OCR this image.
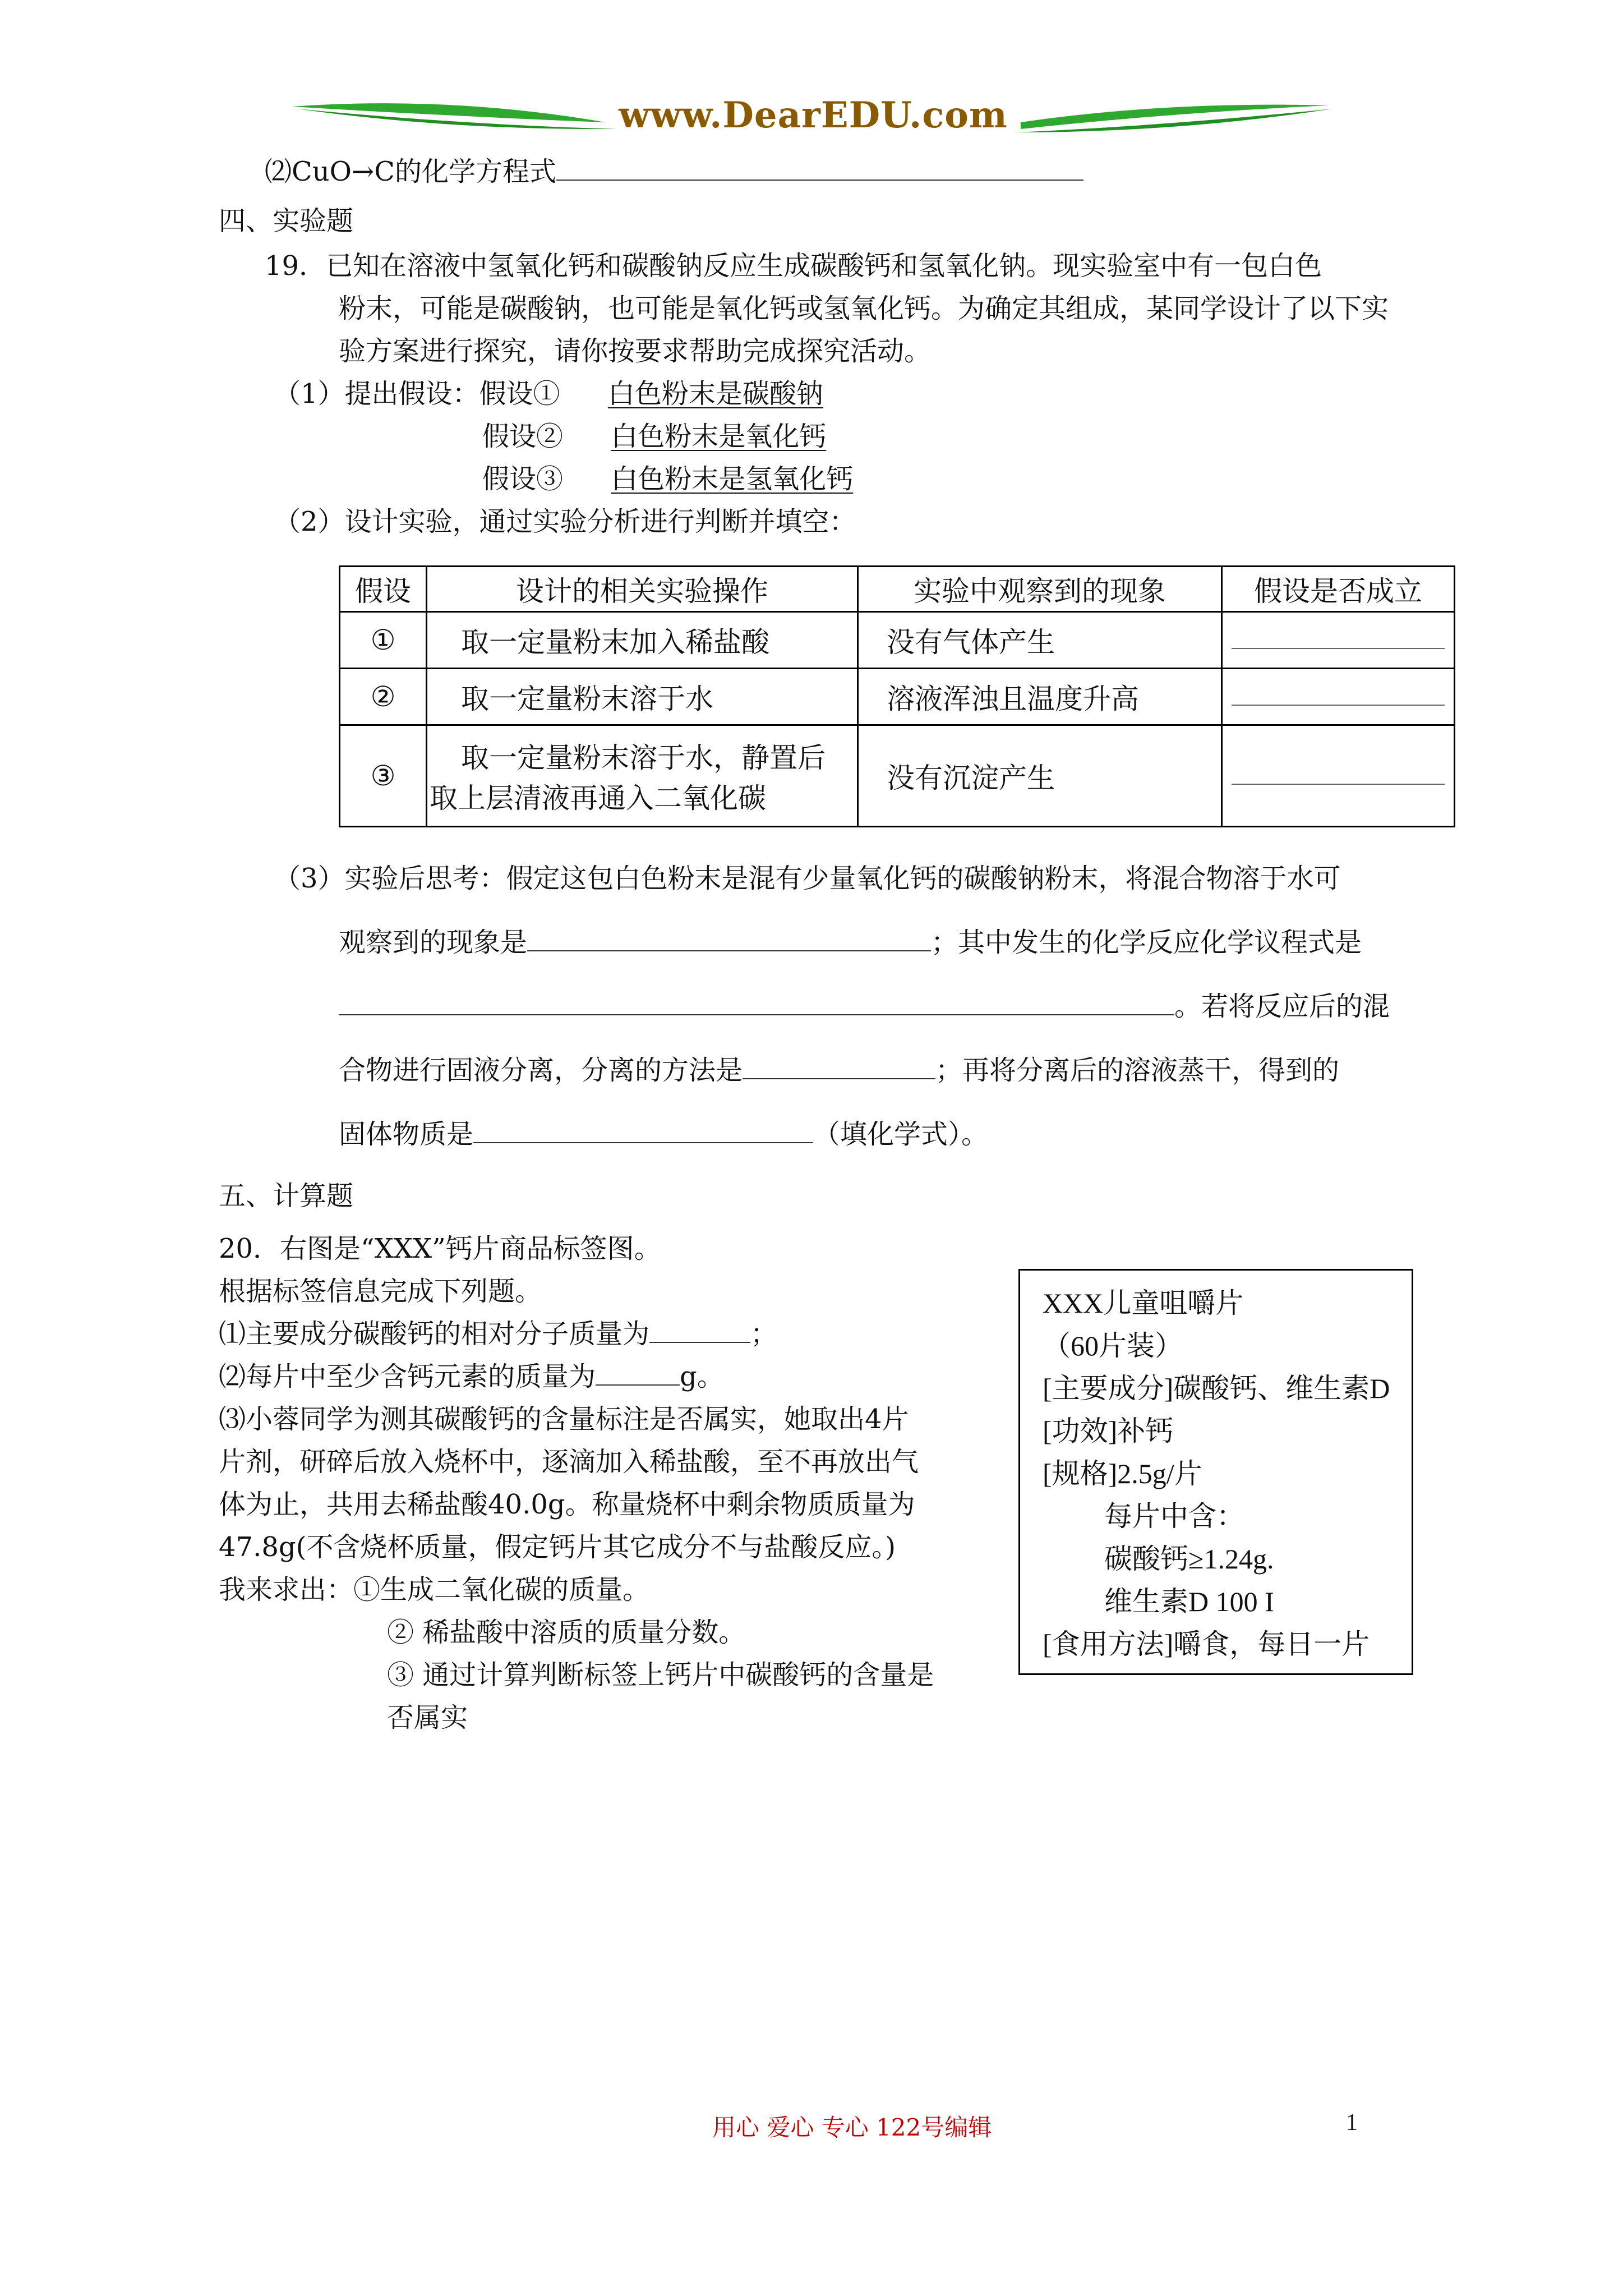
www.DearEDU.com
⑵CuO→C的化学方程式
四、实验题
19．已知在溶液中氢氧化钙和碳酸钠反应生成碳酸钙和氢氧化钠。现实验室中有一包白色
粉末，可能是碳酸钠，也可能是氧化钙或氢氧化钙。为确定其组成，某同学设计了以下实
验方案进行探究，请你按要求帮助完成探究活动。
（1）提出假设：假设① 白色粉末是碳酸钠
假设② 白色粉末是氧化钙
假设③ 白色粉末是氢氧化钙
（2）设计实验，通过实验分析进行判断并填空：
假设	设计的相关实验操作	实验中观察到的现象	假设是否成立
①	取一定量粉末加入稀盐酸	没有气体产生	

②	取一定量粉末溶于水	溶液浑浊且温度升高	

③	取一定量粉末溶于水，静置后
取上层清液再通入二氧化碳	没有沉淀产生	
（3）实验后思考：假定这包白色粉末是混有少量氧化钙的碳酸钠粉末，将混合物溶于水可
观察到的现象是	；其中发生的化学反应化学议程式是
。若将反应后的混
合物进行固液分离，分离的方法是	；再将分离后的溶液蒸干，得到的
固体物质是	（填化学式）。
五、计算题
20．右图是“XXX”钙片商品标签图。
根据标签信息完成下列题。
⑴主要成分碳酸钙的相对分子质量为	；
⑵每片中至少含钙元素的质量为	g。
⑶小蓉同学为测其碳酸钙的含量标注是否属实，她取出4片
片剂，研碎后放入烧杯中，逐滴加入稀盐酸，至不再放出气
体为止，共用去稀盐酸40.0g。称量烧杯中剩余物质质量为
47.8g(不含烧杯质量，假定钙片其它成分不与盐酸反应。)
我来求出：①生成二氧化碳的质量。
② 稀盐酸中溶质的质量分数。
③ 通过计算判断标签上钙片中碳酸钙的含量是
否属实
XXX儿童咀嚼片
（60片装）
[主要成分]碳酸钙、维生素D
[功效]补钙
[规格]2.5g/片
每片中含：
碳酸钙≥1.24g.
维生素D 100 I
[食用方法]嚼食，每日一片
用心 爱心 专心 122号编辑	1
